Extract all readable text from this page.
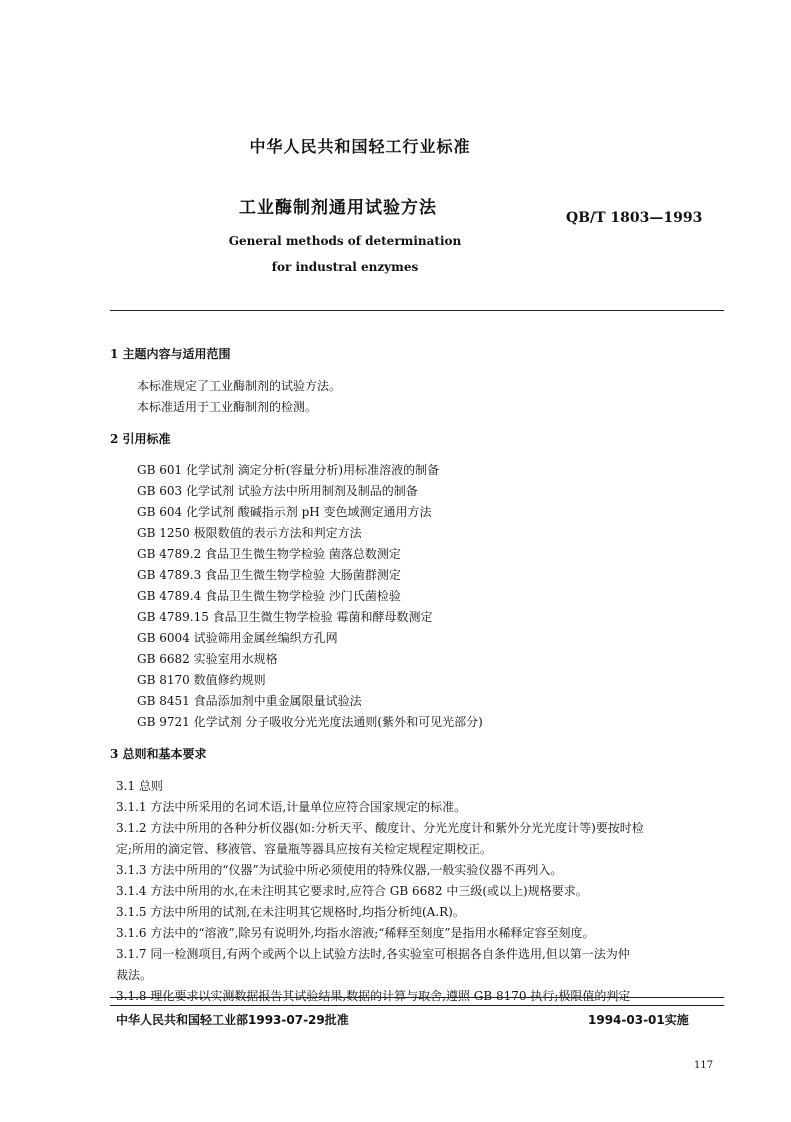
中华人民共和国轻工行业标准
工业酶制剂通用试验方法	QB/T 1803—1993
General methods of determination
for industral enzymes
1 主题内容与适用范围
本标准规定了工业酶制剂的试验方法。
本标准适用于工业酶制剂的检测。
2 引用标准
GB 601 化学试剂 滴定分析(容量分析)用标准溶液的制备
GB 603 化学试剂 试验方法中所用制剂及制品的制备
GB 604 化学试剂 酸碱指示剂 pH 变色域测定通用方法
GB 1250 极限数值的表示方法和判定方法
GB 4789.2 食品卫生微生物学检验 菌落总数测定
GB 4789.3 食品卫生微生物学检验 大肠菌群测定
GB 4789.4 食品卫生微生物学检验 沙门氏菌检验
GB 4789.15 食品卫生微生物学检验 霉菌和酵母数测定
GB 6004 试验筛用金属丝编织方孔网
GB 6682 实验室用水规格
GB 8170 数值修约规则
GB 8451 食品添加剂中重金属限量试验法
GB 9721 化学试剂 分子吸收分光光度法通则(紫外和可见光部分)
3 总则和基本要求
3.1 总则
3.1.1 方法中所采用的名词术语,计量单位应符合国家规定的标准。
3.1.2 方法中所用的各种分析仪器(如:分析天平、酸度计、分光光度计和紫外分光光度计等)要按时检
定;所用的滴定管、移液管、容量瓶等器具应按有关检定规程定期校正。
3.1.3 方法中所用的“仪器”为试验中所必须使用的特殊仪器,一般实验仪器不再列入。
3.1.4 方法中所用的水,在未注明其它要求时,应符合 GB 6682 中三级(或以上)规格要求。
3.1.5 方法中所用的试剂,在未注明其它规格时,均指分析纯(A.R)。
3.1.6 方法中的“溶液”,除另有说明外,均指水溶液;“稀释至刻度”是指用水稀释定容至刻度。
3.1.7 同一检测项目,有两个或两个以上试验方法时,各实验室可根据各自条件选用,但以第一法为仲
裁法。
3.1.8 理化要求以实测数据报告其试验结果,数据的计算与取舍,遵照 GB 8170 执行;极限值的判定
中华人民共和国轻工业部1993-07-29批准	1994-03-01实施
117
